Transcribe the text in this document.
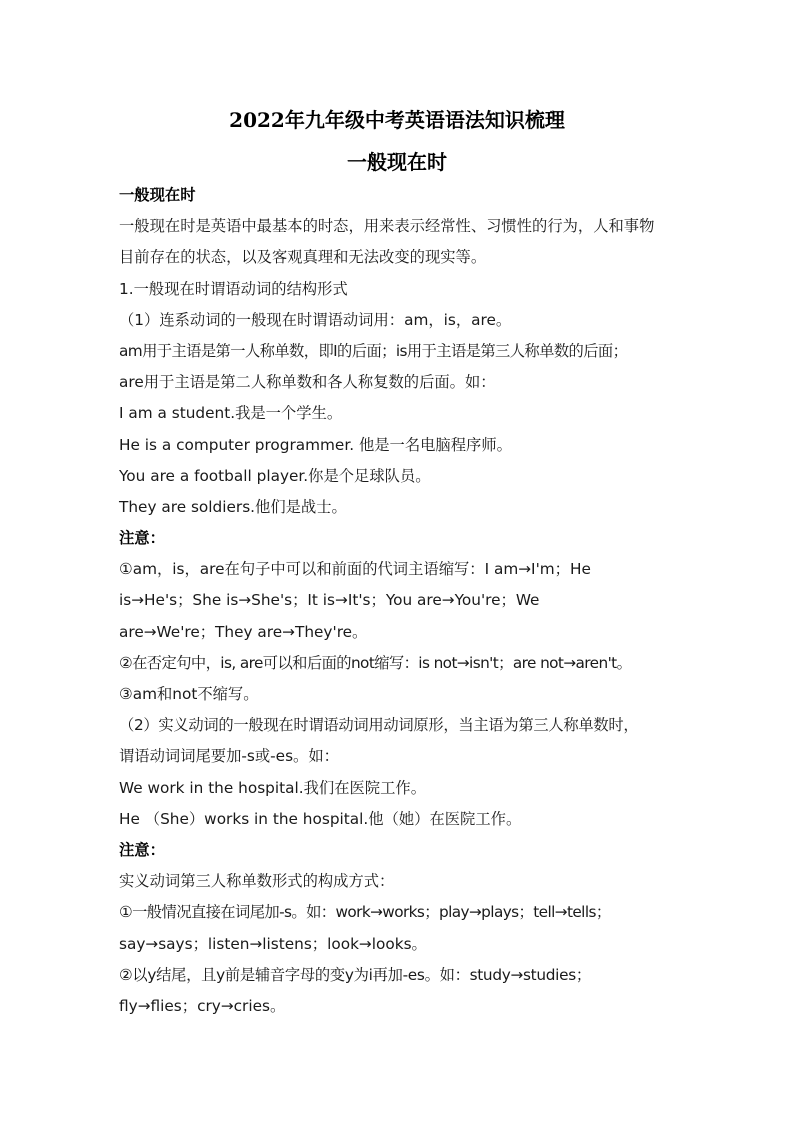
2022年九年级中考英语语法知识梳理
一般现在时
一般现在时
一般现在时是英语中最基本的时态，用来表示经常性、习惯性的行为，人和事物
目前存在的状态，以及客观真理和无法改变的现实等。
1.一般现在时谓语动词的结构形式
（1）连系动词的一般现在时谓语动词用：am，is，are。
am用于主语是第一人称单数，即I的后面；is用于主语是第三人称单数的后面；
are用于主语是第二人称单数和各人称复数的后面。如：
I am a student.我是一个学生。
He is a computer programmer. 他是一名电脑程序师。
You are a football player.你是个足球队员。
They are soldiers.他们是战士。
注意：
①am，is，are在句子中可以和前面的代词主语缩写：I am→I'm；He
is→He's；She is→She's；It is→It's；You are→You're；We
are→We're；They are→They're。
②在否定句中，is, are可以和后面的not缩写：is not→isn't；are not→aren't。
③am和not不缩写。
（2）实义动词的一般现在时谓语动词用动词原形，当主语为第三人称单数时，
谓语动词词尾要加-s或-es。如：
We work in the hospital.我们在医院工作。
He （She）works in the hospital.他（她）在医院工作。
注意：
实义动词第三人称单数形式的构成方式：
①一般情况直接在词尾加-s。如：work→works；play→plays；tell→tells；
say→says；listen→listens；look→looks。
②以y结尾，且y前是辅音字母的变y为i再加-es。如：study→studies；
fly→flies；cry→cries。
